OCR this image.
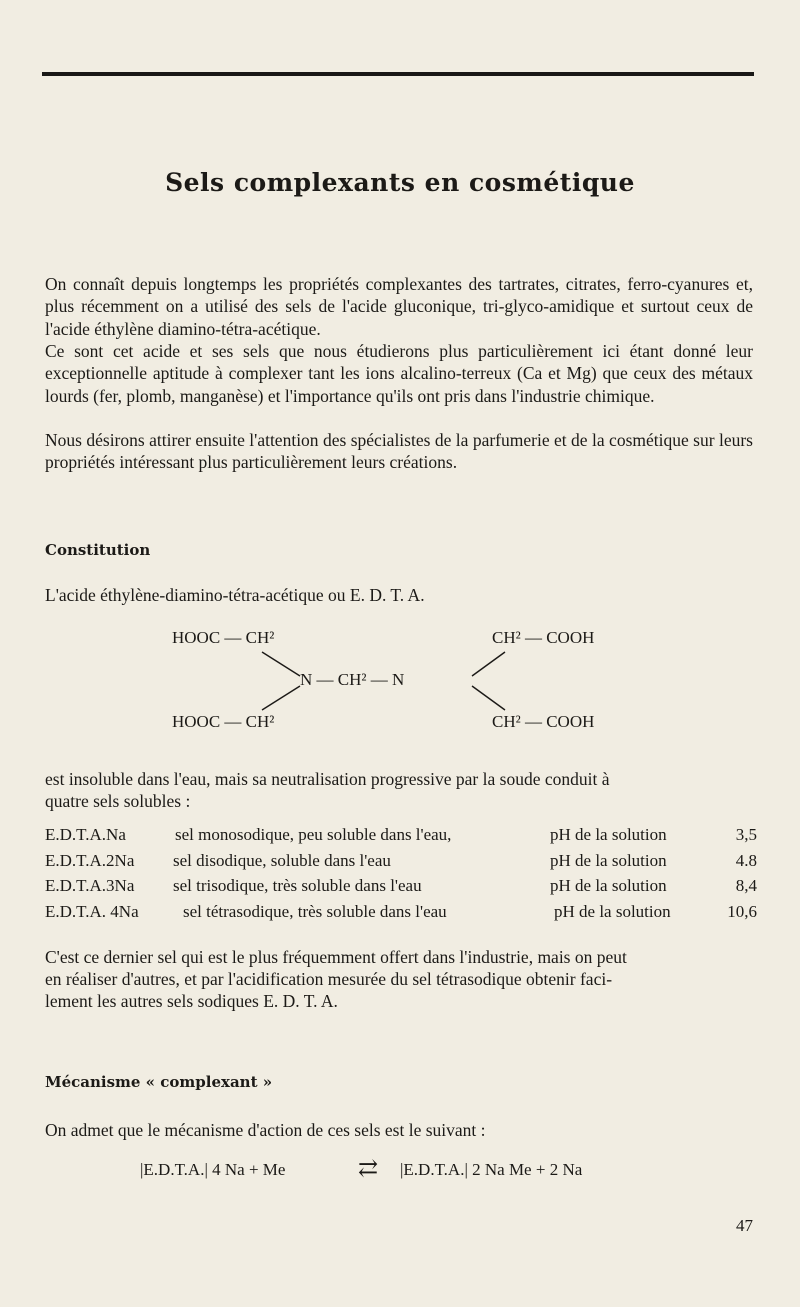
Sels complexants en cosmétique
On connaît depuis longtemps les propriétés complexantes des tartrates, citrates, ferro-cyanures et, plus récemment on a utilisé des sels de l'acide gluconique, tri-glyco-amidique et surtout ceux de l'acide éthylène diamino-tétra-acétique.
Ce sont cet acide et ses sels que nous étudierons plus particulièrement ici étant donné leur exceptionnelle aptitude à complexer tant les ions alcalino-terreux (Ca et Mg) que ceux des métaux lourds (fer, plomb, manganèse) et l'importance qu'ils ont pris dans l'industrie chimique.
Nous désirons attirer ensuite l'attention des spécialistes de la parfumerie et de la cosmétique sur leurs propriétés intéressant plus particulièrement leurs créations.
Constitution
L'acide éthylène-diamino-tétra-acétique ou E. D. T. A.
HOOC — CH²	CH² — COOH
N — CH² — N
HOOC — CH²	CH² — COOH
est insoluble dans l'eau, mais sa neutralisation progressive par la soude conduit à
quatre sels solubles :
E.D.T.A.Na	sel monosodique, peu soluble dans l'eau,	pH de la solution	3,5
E.D.T.A.2Na sel disodique, soluble dans l'eau	pH de la solution	4.8
E.D.T.A.3Na sel trisodique, très soluble dans l'eau	pH de la solution	8,4
E.D.T.A. 4Na	sel tétrasodique, très soluble dans l'eau	pH de la solution	10,6
C'est ce dernier sel qui est le plus fréquemment offert dans l'industrie, mais on peut
en réaliser d'autres, et par l'acidification mesurée du sel tétrasodique obtenir faci-
lement les autres sels sodiques E. D. T. A.
Mécanisme « complexant »
On admet que le mécanisme d'action de ces sels est le suivant :
|E.D.T.A.| 4 Na + Me	⇄ |E.D.T.A.| 2 Na Me + 2 Na
47
